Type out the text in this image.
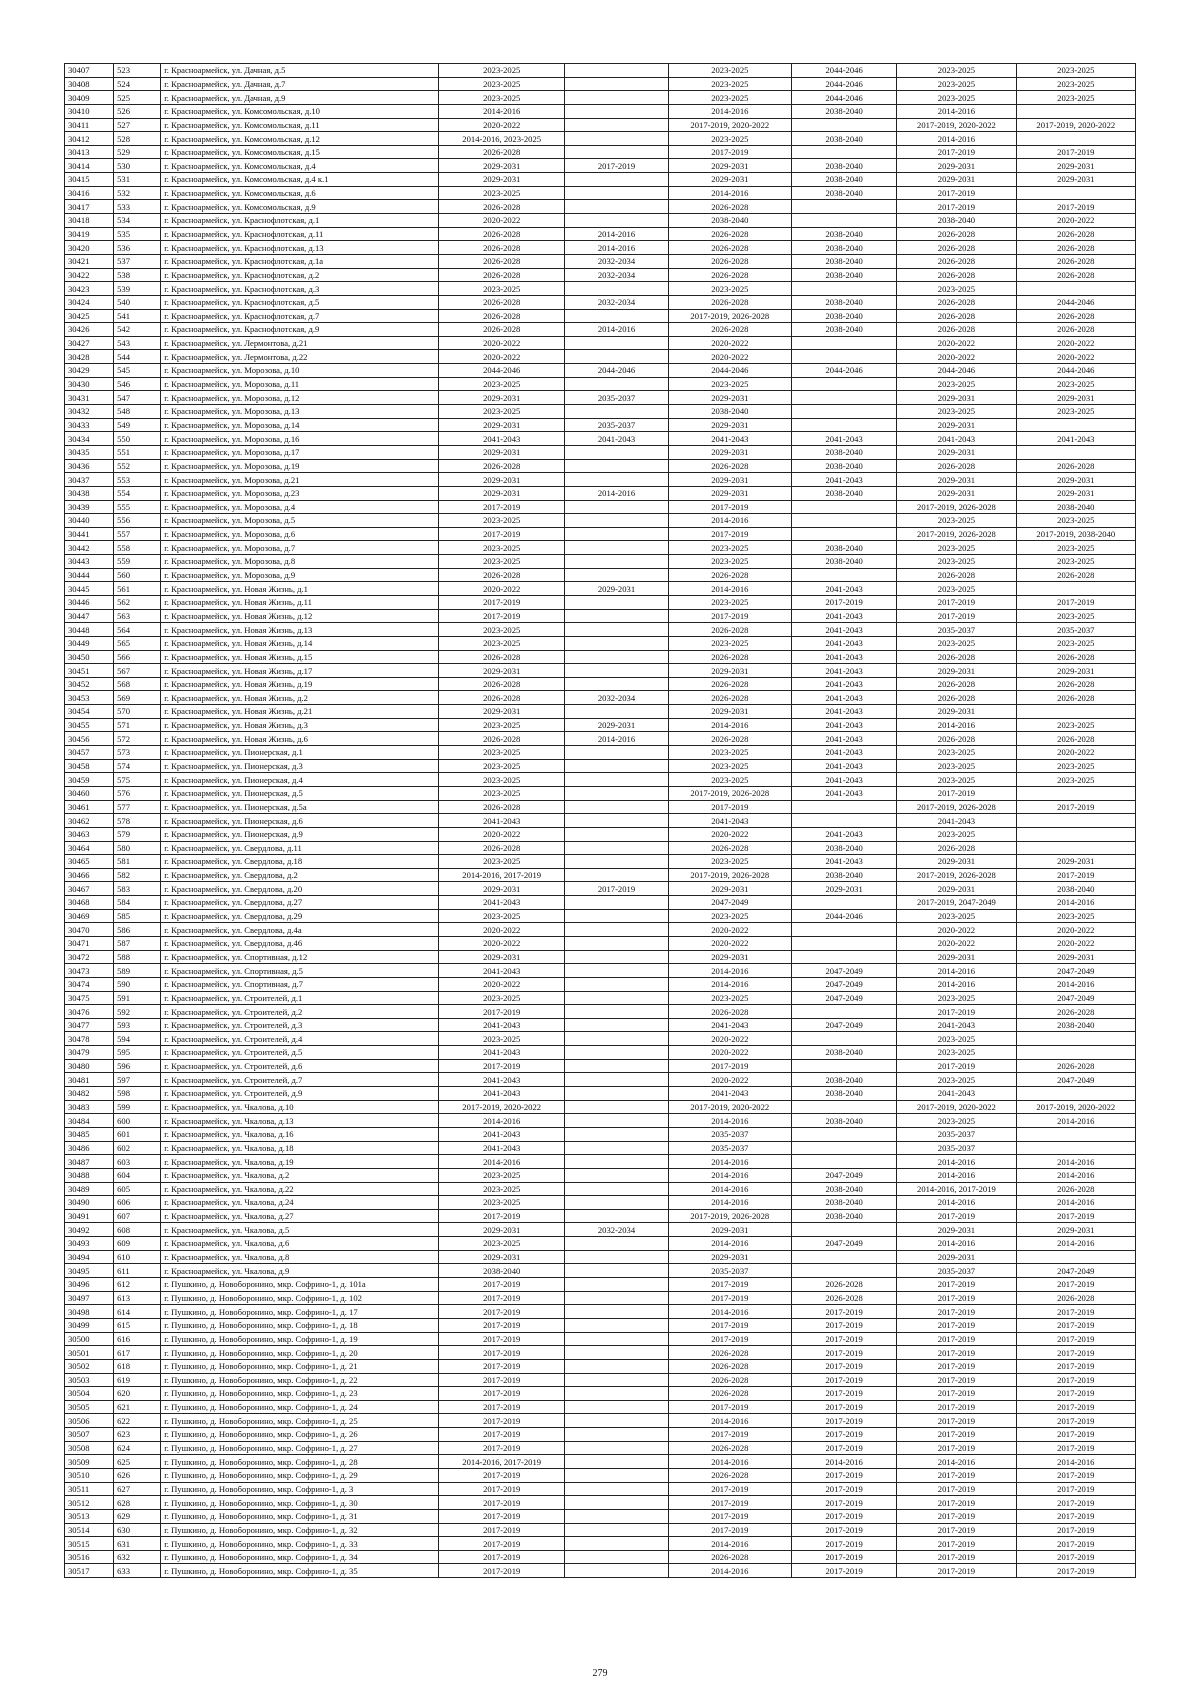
30407	523	г. Красноармейск, ул. Дачная, д.5	2023-2025		2023-2025	2044-2046	2023-2025	2023-2025
30408	524	г. Красноармейск, ул. Дачная, д.7	2023-2025		2023-2025	2044-2046	2023-2025	2023-2025
30409	525	г. Красноармейск, ул. Дачная, д.9	2023-2025		2023-2025	2044-2046	2023-2025	2023-2025
30410	526	г. Красноармейск, ул. Комсомольская, д.10	2014-2016		2014-2016	2038-2040	2014-2016	
30411	527	г. Красноармейск, ул. Комсомольская, д.11	2020-2022		2017-2019, 2020-2022		2017-2019, 2020-2022	2017-2019, 2020-2022
30412	528	г. Красноармейск, ул. Комсомольская, д.12	2014-2016, 2023-2025		2023-2025	2038-2040	2014-2016	
30413	529	г. Красноармейск, ул. Комсомольская, д.15	2026-2028		2017-2019		2017-2019	2017-2019
30414	530	г. Красноармейск, ул. Комсомольская, д.4	2029-2031	2017-2019	2029-2031	2038-2040	2029-2031	2029-2031
30415	531	г. Красноармейск, ул. Комсомольская, д.4 к.1	2029-2031		2029-2031	2038-2040	2029-2031	2029-2031
30416	532	г. Красноармейск, ул. Комсомольская, д.6	2023-2025		2014-2016	2038-2040	2017-2019	
30417	533	г. Красноармейск, ул. Комсомольская, д.9	2026-2028		2026-2028		2017-2019	2017-2019
30418	534	г. Красноармейск, ул. Краснофлотская, д.1	2020-2022		2038-2040		2038-2040	2020-2022
30419	535	г. Красноармейск, ул. Краснофлотская, д.11	2026-2028	2014-2016	2026-2028	2038-2040	2026-2028	2026-2028
30420	536	г. Красноармейск, ул. Краснофлотская, д.13	2026-2028	2014-2016	2026-2028	2038-2040	2026-2028	2026-2028
30421	537	г. Красноармейск, ул. Краснофлотская, д.1а	2026-2028	2032-2034	2026-2028	2038-2040	2026-2028	2026-2028
30422	538	г. Красноармейск, ул. Краснофлотская, д.2	2026-2028	2032-2034	2026-2028	2038-2040	2026-2028	2026-2028
30423	539	г. Красноармейск, ул. Краснофлотская, д.3	2023-2025		2023-2025		2023-2025	
30424	540	г. Красноармейск, ул. Краснофлотская, д.5	2026-2028	2032-2034	2026-2028	2038-2040	2026-2028	2044-2046
30425	541	г. Красноармейск, ул. Краснофлотская, д.7	2026-2028		2017-2019, 2026-2028	2038-2040	2026-2028	2026-2028
30426	542	г. Красноармейск, ул. Краснофлотская, д.9	2026-2028	2014-2016	2026-2028	2038-2040	2026-2028	2026-2028
30427	543	г. Красноармейск, ул. Лермонтова, д.21	2020-2022		2020-2022		2020-2022	2020-2022
30428	544	г. Красноармейск, ул. Лермонтова, д.22	2020-2022		2020-2022		2020-2022	2020-2022
30429	545	г. Красноармейск, ул. Морозова, д.10	2044-2046	2044-2046	2044-2046	2044-2046	2044-2046	2044-2046
30430	546	г. Красноармейск, ул. Морозова, д.11	2023-2025		2023-2025		2023-2025	2023-2025
30431	547	г. Красноармейск, ул. Морозова, д.12	2029-2031	2035-2037	2029-2031		2029-2031	2029-2031
30432	548	г. Красноармейск, ул. Морозова, д.13	2023-2025		2038-2040		2023-2025	2023-2025
30433	549	г. Красноармейск, ул. Морозова, д.14	2029-2031	2035-2037	2029-2031		2029-2031	
30434	550	г. Красноармейск, ул. Морозова, д.16	2041-2043	2041-2043	2041-2043	2041-2043	2041-2043	2041-2043
30435	551	г. Красноармейск, ул. Морозова, д.17	2029-2031		2029-2031	2038-2040	2029-2031	
30436	552	г. Красноармейск, ул. Морозова, д.19	2026-2028		2026-2028	2038-2040	2026-2028	2026-2028
30437	553	г. Красноармейск, ул. Морозова, д.21	2029-2031		2029-2031	2041-2043	2029-2031	2029-2031
30438	554	г. Красноармейск, ул. Морозова, д.23	2029-2031	2014-2016	2029-2031	2038-2040	2029-2031	2029-2031
30439	555	г. Красноармейск, ул. Морозова, д.4	2017-2019		2017-2019		2017-2019, 2026-2028	2038-2040
30440	556	г. Красноармейск, ул. Морозова, д.5	2023-2025		2014-2016		2023-2025	2023-2025
30441	557	г. Красноармейск, ул. Морозова, д.6	2017-2019		2017-2019		2017-2019, 2026-2028	2017-2019, 2038-2040
30442	558	г. Красноармейск, ул. Морозова, д.7	2023-2025		2023-2025	2038-2040	2023-2025	2023-2025
30443	559	г. Красноармейск, ул. Морозова, д.8	2023-2025		2023-2025	2038-2040	2023-2025	2023-2025
30444	560	г. Красноармейск, ул. Морозова, д.9	2026-2028		2026-2028		2026-2028	2026-2028
30445	561	г. Красноармейск, ул. Новая Жизнь, д.1	2020-2022	2029-2031	2014-2016	2041-2043	2023-2025	
30446	562	г. Красноармейск, ул. Новая Жизнь, д.11	2017-2019		2023-2025	2017-2019	2017-2019	2017-2019
30447	563	г. Красноармейск, ул. Новая Жизнь, д.12	2017-2019		2017-2019	2041-2043	2017-2019	2023-2025
30448	564	г. Красноармейск, ул. Новая Жизнь, д.13	2023-2025		2026-2028	2041-2043	2035-2037	2035-2037
30449	565	г. Красноармейск, ул. Новая Жизнь, д.14	2023-2025		2023-2025	2041-2043	2023-2025	2023-2025
30450	566	г. Красноармейск, ул. Новая Жизнь, д.15	2026-2028		2026-2028	2041-2043	2026-2028	2026-2028
30451	567	г. Красноармейск, ул. Новая Жизнь, д.17	2029-2031		2029-2031	2041-2043	2029-2031	2029-2031
30452	568	г. Красноармейск, ул. Новая Жизнь, д.19	2026-2028		2026-2028	2041-2043	2026-2028	2026-2028
30453	569	г. Красноармейск, ул. Новая Жизнь, д.2	2026-2028	2032-2034	2026-2028	2041-2043	2026-2028	2026-2028
30454	570	г. Красноармейск, ул. Новая Жизнь, д.21	2029-2031		2029-2031	2041-2043	2029-2031	
30455	571	г. Красноармейск, ул. Новая Жизнь, д.3	2023-2025	2029-2031	2014-2016	2041-2043	2014-2016	2023-2025
30456	572	г. Красноармейск, ул. Новая Жизнь, д.6	2026-2028	2014-2016	2026-2028	2041-2043	2026-2028	2026-2028
30457	573	г. Красноармейск, ул. Пионерская, д.1	2023-2025		2023-2025	2041-2043	2023-2025	2020-2022
30458	574	г. Красноармейск, ул. Пионерская, д.3	2023-2025		2023-2025	2041-2043	2023-2025	2023-2025
30459	575	г. Красноармейск, ул. Пионерская, д.4	2023-2025		2023-2025	2041-2043	2023-2025	2023-2025
30460	576	г. Красноармейск, ул. Пионерская, д.5	2023-2025		2017-2019, 2026-2028	2041-2043	2017-2019	
30461	577	г. Красноармейск, ул. Пионерская, д.5а	2026-2028		2017-2019		2017-2019, 2026-2028	2017-2019
30462	578	г. Красноармейск, ул. Пионерская, д.6	2041-2043		2041-2043		2041-2043	
30463	579	г. Красноармейск, ул. Пионерская, д.9	2020-2022		2020-2022	2041-2043	2023-2025	
30464	580	г. Красноармейск, ул. Свердлова, д.11	2026-2028		2026-2028	2038-2040	2026-2028	
30465	581	г. Красноармейск, ул. Свердлова, д.18	2023-2025		2023-2025	2041-2043	2029-2031	2029-2031
30466	582	г. Красноармейск, ул. Свердлова, д.2	2014-2016, 2017-2019		2017-2019, 2026-2028	2038-2040	2017-2019, 2026-2028	2017-2019
30467	583	г. Красноармейск, ул. Свердлова, д.20	2029-2031	2017-2019	2029-2031	2029-2031	2029-2031	2038-2040
30468	584	г. Красноармейск, ул. Свердлова, д.27	2041-2043		2047-2049		2017-2019, 2047-2049	2014-2016
30469	585	г. Красноармейск, ул. Свердлова, д.29	2023-2025		2023-2025	2044-2046	2023-2025	2023-2025
30470	586	г. Красноармейск, ул. Свердлова, д.4а	2020-2022		2020-2022		2020-2022	2020-2022
30471	587	г. Красноармейск, ул. Свердлова, д.46	2020-2022		2020-2022		2020-2022	2020-2022
30472	588	г. Красноармейск, ул. Спортивная, д.12	2029-2031		2029-2031		2029-2031	2029-2031
30473	589	г. Красноармейск, ул. Спортивная, д.5	2041-2043		2014-2016	2047-2049	2014-2016	2047-2049
30474	590	г. Красноармейск, ул. Спортивная, д.7	2020-2022		2014-2016	2047-2049	2014-2016	2014-2016
30475	591	г. Красноармейск, ул. Строителей, д.1	2023-2025		2023-2025	2047-2049	2023-2025	2047-2049
30476	592	г. Красноармейск, ул. Строителей, д.2	2017-2019		2026-2028		2017-2019	2026-2028
30477	593	г. Красноармейск, ул. Строителей, д.3	2041-2043		2041-2043	2047-2049	2041-2043	2038-2040
30478	594	г. Красноармейск, ул. Строителей, д.4	2023-2025		2020-2022		2023-2025	
30479	595	г. Красноармейск, ул. Строителей, д.5	2041-2043		2020-2022	2038-2040	2023-2025	
30480	596	г. Красноармейск, ул. Строителей, д.6	2017-2019		2017-2019		2017-2019	2026-2028
30481	597	г. Красноармейск, ул. Строителей, д.7	2041-2043		2020-2022	2038-2040	2023-2025	2047-2049
30482	598	г. Красноармейск, ул. Строителей, д.9	2041-2043		2041-2043	2038-2040	2041-2043	
30483	599	г. Красноармейск, ул. Чкалова, д.10	2017-2019, 2020-2022		2017-2019, 2020-2022		2017-2019, 2020-2022	2017-2019, 2020-2022
30484	600	г. Красноармейск, ул. Чкалова, д.13	2014-2016		2014-2016	2038-2040	2023-2025	2014-2016
30485	601	г. Красноармейск, ул. Чкалова, д.16	2041-2043		2035-2037		2035-2037	
30486	602	г. Красноармейск, ул. Чкалова, д.18	2041-2043		2035-2037		2035-2037	
30487	603	г. Красноармейск, ул. Чкалова, д.19	2014-2016		2014-2016		2014-2016	2014-2016
30488	604	г. Красноармейск, ул. Чкалова, д.2	2023-2025		2014-2016	2047-2049	2014-2016	2014-2016
30489	605	г. Красноармейск, ул. Чкалова, д.22	2023-2025		2014-2016	2038-2040	2014-2016, 2017-2019	2026-2028
30490	606	г. Красноармейск, ул. Чкалова, д.24	2023-2025		2014-2016	2038-2040	2014-2016	2014-2016
30491	607	г. Красноармейск, ул. Чкалова, д.27	2017-2019		2017-2019, 2026-2028	2038-2040	2017-2019	2017-2019
30492	608	г. Красноармейск, ул. Чкалова, д.5	2029-2031	2032-2034	2029-2031		2029-2031	2029-2031
30493	609	г. Красноармейск, ул. Чкалова, д.6	2023-2025		2014-2016	2047-2049	2014-2016	2014-2016
30494	610	г. Красноармейск, ул. Чкалова, д.8	2029-2031		2029-2031		2029-2031	
30495	611	г. Красноармейск, ул. Чкалова, д.9	2038-2040		2035-2037		2035-2037	2047-2049
30496	612	г. Пушкино, д. Новоборонино, мкр. Софрино-1, д. 101а	2017-2019		2017-2019	2026-2028	2017-2019	2017-2019
30497	613	г. Пушкино, д. Новоборонино, мкр. Софрино-1, д. 102	2017-2019		2017-2019	2026-2028	2017-2019	2026-2028
30498	614	г. Пушкино, д. Новоборонино, мкр. Софрино-1, д. 17	2017-2019		2014-2016	2017-2019	2017-2019	2017-2019
30499	615	г. Пушкино, д. Новоборонино, мкр. Софрино-1, д. 18	2017-2019		2017-2019	2017-2019	2017-2019	2017-2019
30500	616	г. Пушкино, д. Новоборонино, мкр. Софрино-1, д. 19	2017-2019		2017-2019	2017-2019	2017-2019	2017-2019
30501	617	г. Пушкино, д. Новоборонино, мкр. Софрино-1, д. 20	2017-2019		2026-2028	2017-2019	2017-2019	2017-2019
30502	618	г. Пушкино, д. Новоборонино, мкр. Софрино-1, д. 21	2017-2019		2026-2028	2017-2019	2017-2019	2017-2019
30503	619	г. Пушкино, д. Новоборонино, мкр. Софрино-1, д. 22	2017-2019		2026-2028	2017-2019	2017-2019	2017-2019
30504	620	г. Пушкино, д. Новоборонино, мкр. Софрино-1, д. 23	2017-2019		2026-2028	2017-2019	2017-2019	2017-2019
30505	621	г. Пушкино, д. Новоборонино, мкр. Софрино-1, д. 24	2017-2019		2017-2019	2017-2019	2017-2019	2017-2019
30506	622	г. Пушкино, д. Новоборонино, мкр. Софрино-1, д. 25	2017-2019		2014-2016	2017-2019	2017-2019	2017-2019
30507	623	г. Пушкино, д. Новоборонино, мкр. Софрино-1, д. 26	2017-2019		2017-2019	2017-2019	2017-2019	2017-2019
30508	624	г. Пушкино, д. Новоборонино, мкр. Софрино-1, д. 27	2017-2019		2026-2028	2017-2019	2017-2019	2017-2019
30509	625	г. Пушкино, д. Новоборонино, мкр. Софрино-1, д. 28	2014-2016, 2017-2019		2014-2016	2014-2016	2014-2016	2014-2016
30510	626	г. Пушкино, д. Новоборонино, мкр. Софрино-1, д. 29	2017-2019		2026-2028	2017-2019	2017-2019	2017-2019
30511	627	г. Пушкино, д. Новоборонино, мкр. Софрино-1, д. 3	2017-2019		2017-2019	2017-2019	2017-2019	2017-2019
30512	628	г. Пушкино, д. Новоборонино, мкр. Софрино-1, д. 30	2017-2019		2017-2019	2017-2019	2017-2019	2017-2019
30513	629	г. Пушкино, д. Новоборонино, мкр. Софрино-1, д. 31	2017-2019		2017-2019	2017-2019	2017-2019	2017-2019
30514	630	г. Пушкино, д. Новоборонино, мкр. Софрино-1, д. 32	2017-2019		2017-2019	2017-2019	2017-2019	2017-2019
30515	631	г. Пушкино, д. Новоборонино, мкр. Софрино-1, д. 33	2017-2019		2014-2016	2017-2019	2017-2019	2017-2019
30516	632	г. Пушкино, д. Новоборонино, мкр. Софрино-1, д. 34	2017-2019		2026-2028	2017-2019	2017-2019	2017-2019
30517	633	г. Пушкино, д. Новоборонино, мкр. Софрино-1, д. 35	2017-2019		2014-2016	2017-2019	2017-2019	2017-2019
279
